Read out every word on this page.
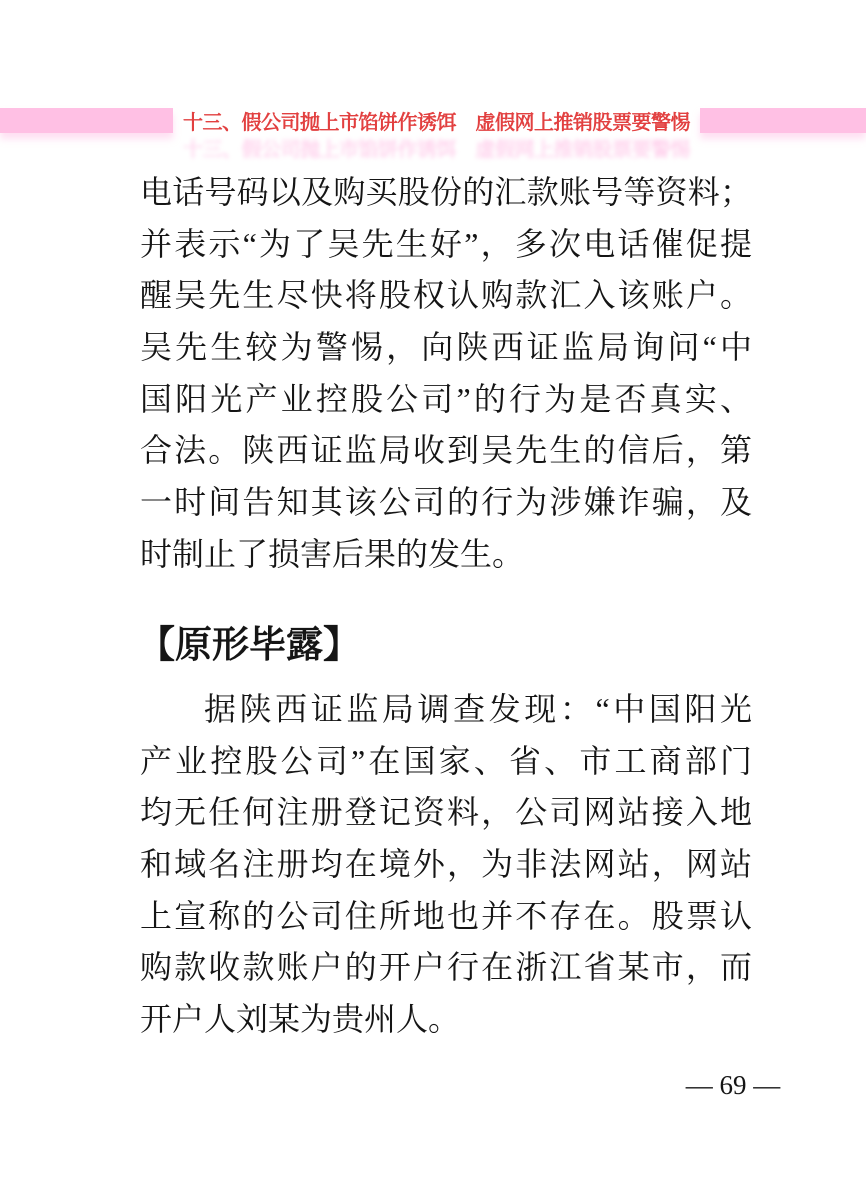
十三、假公司抛上市馅饼作诱饵　虚假网上推销股票要警惕
十三、假公司抛上市馅饼作诱饵　虚假网上推销股票要警惕
电话号码以及购买股份的汇款账号等资料；
并表示“为了吴先生好”，多次电话催促提
醒吴先生尽快将股权认购款汇入该账户。
吴先生较为警惕，向陕西证监局询问“中
国阳光产业控股公司”的行为是否真实、
合法。陕西证监局收到吴先生的信后，第
一时间告知其该公司的行为涉嫌诈骗，及
时制止了损害后果的发生。
【原形毕露】
据陕西证监局调查发现：“中国阳光
产业控股公司”在国家、省、市工商部门
均无任何注册登记资料，公司网站接入地
和域名注册均在境外，为非法网站，网站
上宣称的公司住所地也并不存在。股票认
购款收款账户的开户行在浙江省某市，而
开户人刘某为贵州人。
— 69 —
